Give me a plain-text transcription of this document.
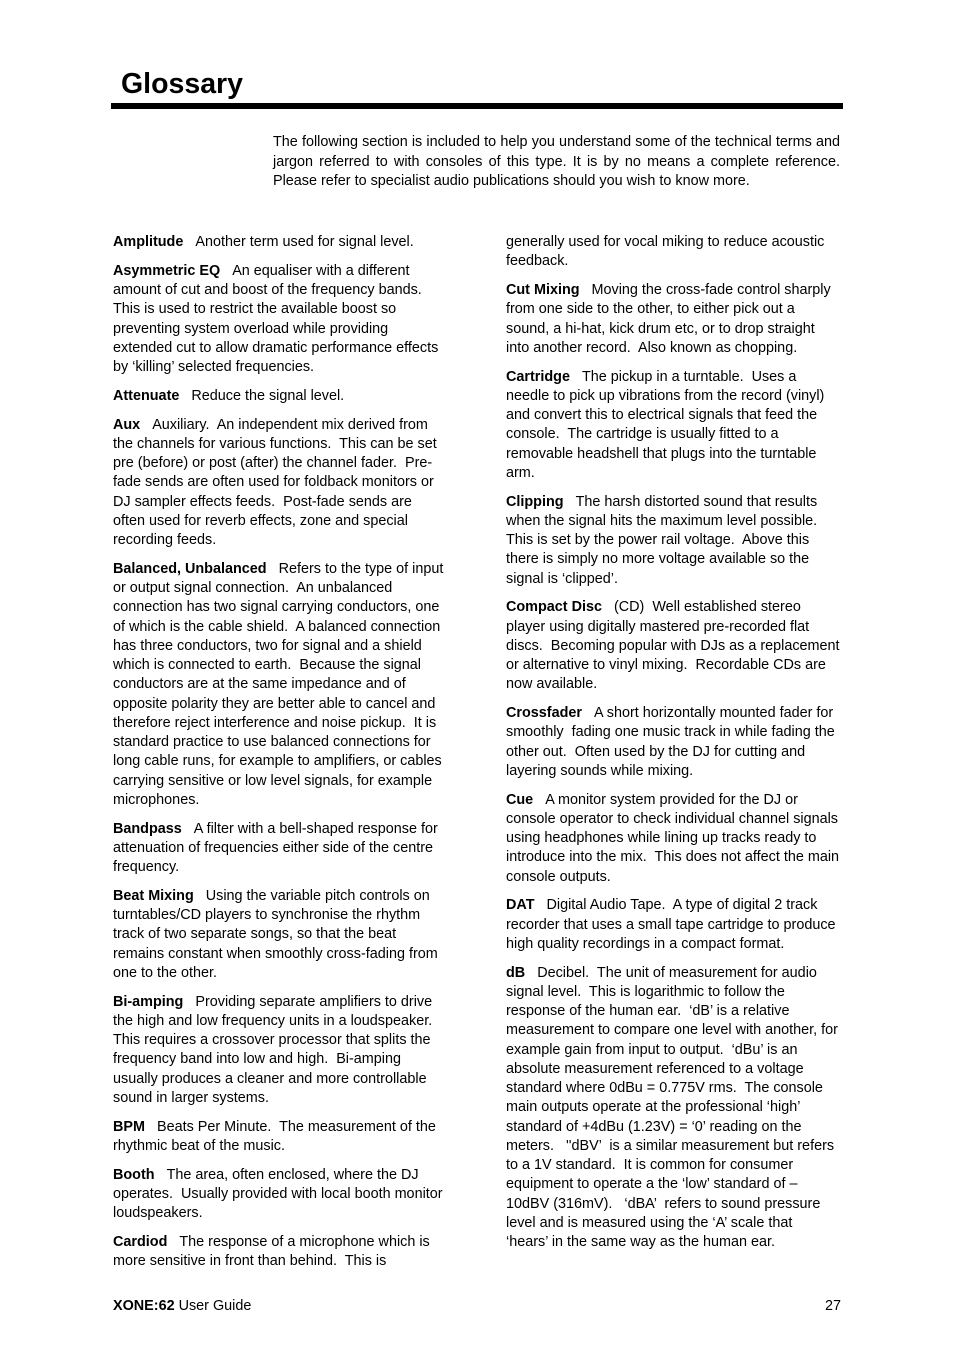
Glossary
The following section is included to help you understand some of the technical terms and
jargon referred to with consoles of this type. It is by no means a complete reference.
Please refer to specialist audio publications should you wish to know more.
Amplitude Another term used for signal level.
Asymmetric EQ An equaliser with a different
amount of cut and boost of the frequency bands.
This is used to restrict the available boost so
preventing system overload while providing
extended cut to allow dramatic performance effects
by ‘killing’ selected frequencies.
Attenuate Reduce the signal level.
Aux Auxiliary.  An independent mix derived from
the channels for various functions.  This can be set
pre (before) or post (after) the channel fader.  Pre-
fade sends are often used for foldback monitors or
DJ sampler effects feeds.  Post-fade sends are
often used for reverb effects, zone and special
recording feeds.
Balanced, Unbalanced Refers to the type of input
or output signal connection.  An unbalanced
connection has two signal carrying conductors, one
of which is the cable shield.  A balanced connection
has three conductors, two for signal and a shield
which is connected to earth.  Because the signal
conductors are at the same impedance and of
opposite polarity they are better able to cancel and
therefore reject interference and noise pickup.  It is
standard practice to use balanced connections for
long cable runs, for example to amplifiers, or cables
carrying sensitive or low level signals, for example
microphones.
Bandpass A filter with a bell-shaped response for
attenuation of frequencies either side of the centre
frequency.
Beat Mixing Using the variable pitch controls on
turntables/CD players to synchronise the rhythm
track of two separate songs, so that the beat
remains constant when smoothly cross-fading from
one to the other.
Bi-amping Providing separate amplifiers to drive
the high and low frequency units in a loudspeaker.
This requires a crossover processor that splits the
frequency band into low and high.  Bi-amping
usually produces a cleaner and more controllable
sound in larger systems.
BPM Beats Per Minute.  The measurement of the
rhythmic beat of the music.
Booth The area, often enclosed, where the DJ
operates.  Usually provided with local booth monitor
loudspeakers.
Cardiod The response of a microphone which is
more sensitive in front than behind.  This is
generally used for vocal miking to reduce acoustic
feedback.
Cut Mixing Moving the cross-fade control sharply
from one side to the other, to either pick out a
sound, a hi-hat, kick drum etc, or to drop straight
into another record.  Also known as chopping.
Cartridge The pickup in a turntable.  Uses a
needle to pick up vibrations from the record (vinyl)
and convert this to electrical signals that feed the
console.  The cartridge is usually fitted to a
removable headshell that plugs into the turntable
arm.
Clipping The harsh distorted sound that results
when the signal hits the maximum level possible.
This is set by the power rail voltage.  Above this
there is simply no more voltage available so the
signal is ‘clipped’.
Compact Disc (CD)  Well established stereo
player using digitally mastered pre-recorded flat
discs.  Becoming popular with DJs as a replacement
or alternative to vinyl mixing.  Recordable CDs are
now available.
Crossfader A short horizontally mounted fader for
smoothly  fading one music track in while fading the
other out.  Often used by the DJ for cutting and
layering sounds while mixing.
Cue A monitor system provided for the DJ or
console operator to check individual channel signals
using headphones while lining up tracks ready to
introduce into the mix.  This does not affect the main
console outputs.
DAT Digital Audio Tape.  A type of digital 2 track
recorder that uses a small tape cartridge to produce
high quality recordings in a compact format.
dB Decibel.  The unit of measurement for audio
signal level.  This is logarithmic to follow the
response of the human ear.  ‘dB’ is a relative
measurement to compare one level with another, for
example gain from input to output.  ‘dBu’ is an
absolute measurement referenced to a voltage
standard where 0dBu = 0.775V rms.  The console
main outputs operate at the professional ‘high’
standard of +4dBu (1.23V) = ‘0’ reading on the
meters.   ''dBV’  is a similar measurement but refers
to a 1V standard.  It is common for consumer
equipment to operate a the ‘low’ standard of –
10dBV (316mV).   ‘dBA’  refers to sound pressure
level and is measured using the ‘A’ scale that
‘hears’ in the same way as the human ear.
XONE:62 User Guide	27
